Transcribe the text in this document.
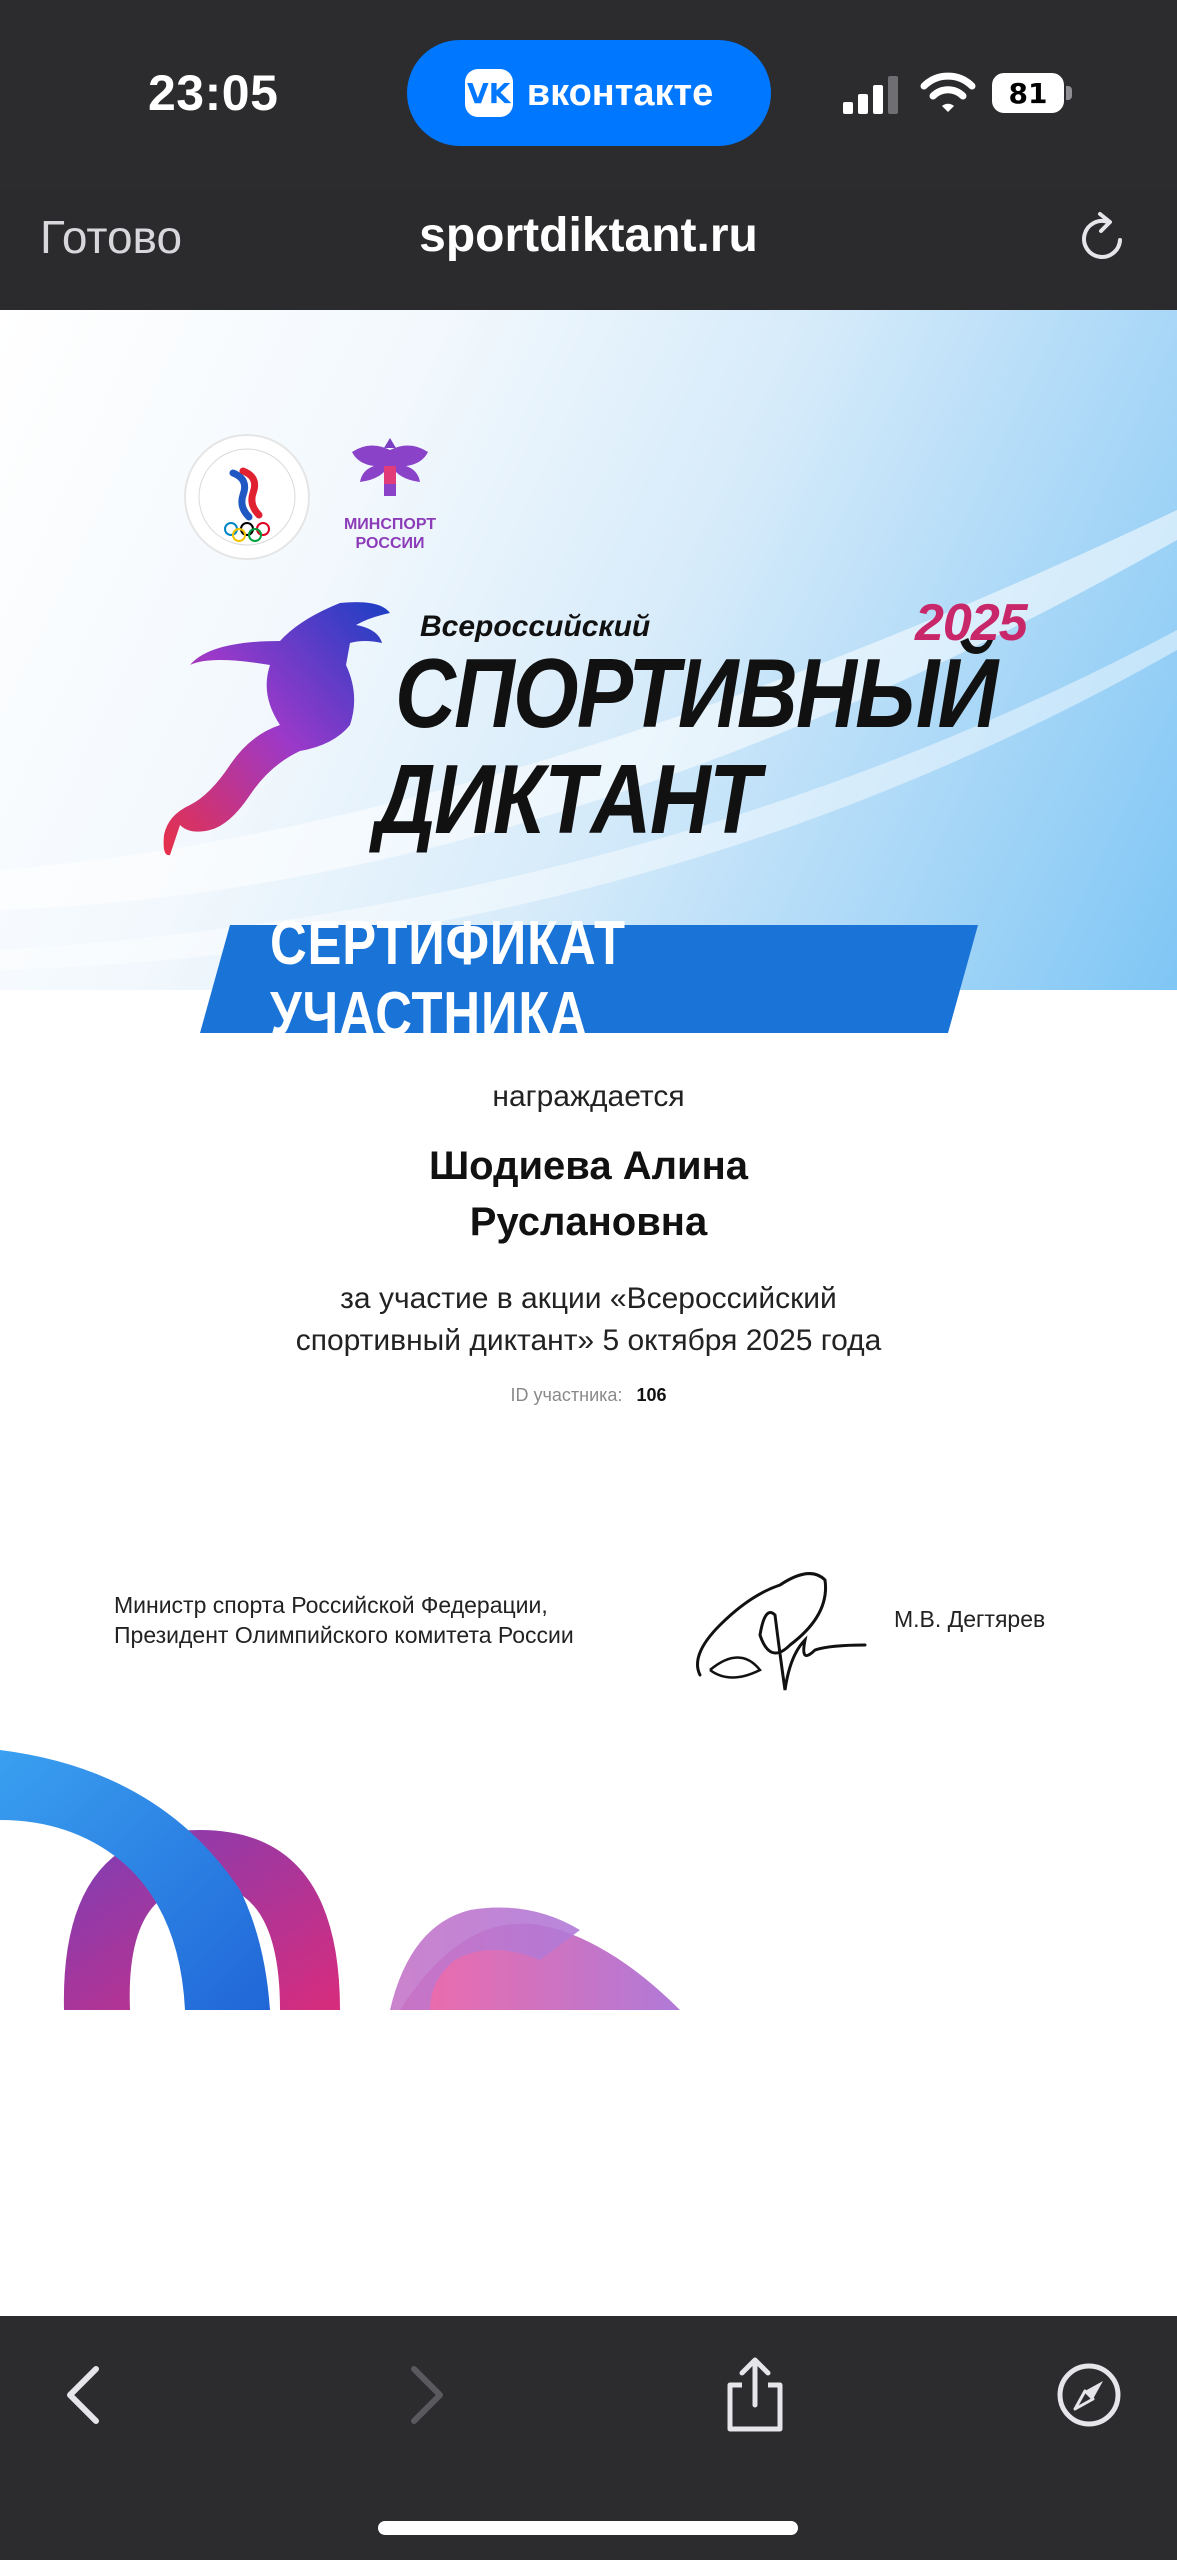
23:05	VK вконтакте	81
Готово	sportdiktant.ru
МИНСПОРТ
РОССИИ
Всероссийский
СПОРТИВНЫЙ
ДИКТАНТ
2025
СЕРТИФИКАТ УЧАСТНИКА
награждается
Шодиева Алина
Руслановна
за участие в акции «Всероссийский
спортивный диктант» 5 октября 2025 года
ID участника: 106
Министр спорта Российской Федерации,
Президент Олимпийского комитета России
М.В. Дегтярев
